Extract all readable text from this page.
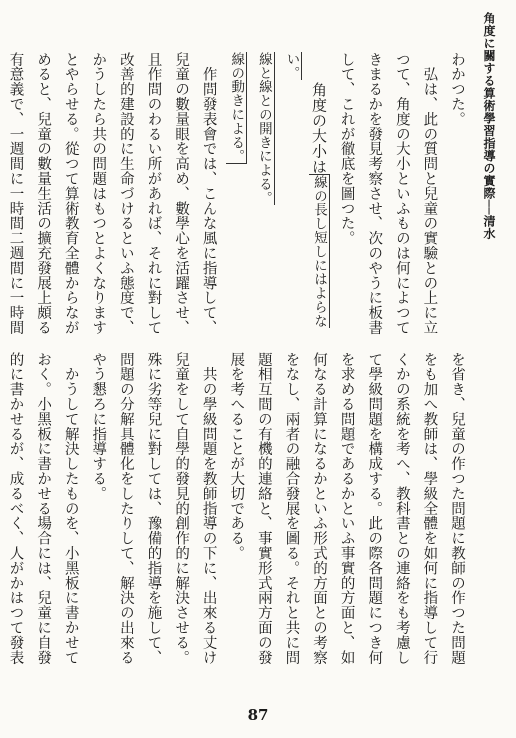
角度に關する算術學習指導の實際──清水

わかつた。

　弘は、此の質問と兒童の實驗との上に立つて、角度の大小といふものは何によつてきまるかを發見考察させ、次のやうに板書して、これが徹底を圖つた。

　　角度の大小は線の長し短しにはよらない。
線と線との開きによる。
線の動きによる。

　作問發表會では、こんな風に指導して、兒童の數量眼を高め、數學心を活躍させ、且作問のわるい所があれば、それに對して改善的建設的に生命づけるといふ態度で、かうしたら共の問題はもつとよくなりますとやらせる。從つて算術教育全體からながめると、兒童の數量生活の擴充發展上頗る有意義で、一週間に一時間二週間に一時間

を省き、兒童の作つた問題に教師の作つた問題をも加へ教師は、學級全體を如何に指導して行くかの系統を考へ、教科書との連絡をも考慮して學級問題を構成する。此の際各問題につき何を求める問題であるかといふ事實的方面と、如何なる計算になるかといふ形式的方面との考察をなし、兩者の融合發展を圖る。それと共に問題相互間の有機的連絡と、事實形式兩方面の發展を考へることが大切である。

　共の學級問題を教師指導の下に、出來る丈け兒童をして自學的發見的創作的に解決させる。殊に劣等兒に對しては、豫備的指導を施して、問題の分解具體化をしたりして、解決の出來るやう懇ろに指導する。

　かうして解決したものを、小黑板に書かせておく。小黑板に書かせる場合には、兒童に自發的に書かせるが、成るべく、人がかはつて發表

87
